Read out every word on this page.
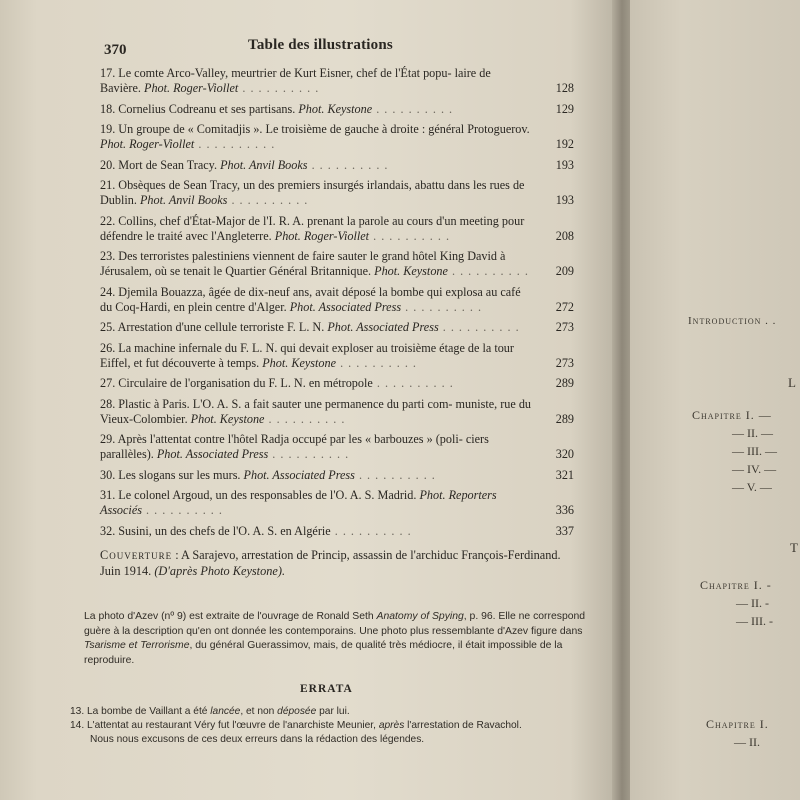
370	Table des illustrations
17. Le comte Arco-Valley, meurtrier de Kurt Eisner, chef de l'État popu- laire de Bavière. Phot. Roger-Viollet . . .	128
18. Cornelius Codreanu et ses partisans. Phot. Keystone . . .	129
19. Un groupe de « Comitadjis ». Le troisième de gauche à droite : général Protoguerov. Phot. Roger-Viollet . . .	192
20. Mort de Sean Tracy. Phot. Anvil Books . . .	193
21. Obsèques de Sean Tracy, un des premiers insurgés irlandais, abattu dans les rues de Dublin. Phot. Anvil Books . . .	193
22. Collins, chef d'État-Major de l'I. R. A. prenant la parole au cours d'un meeting pour défendre le traité avec l'Angleterre. Phot. Roger-Viollet . . .	208
23. Des terroristes palestiniens viennent de faire sauter le grand hôtel King David à Jérusalem, où se tenait le Quartier Général Britannique. Phot. Keystone . . .	209
24. Djemila Bouazza, âgée de dix-neuf ans, avait déposé la bombe qui explosa au café du Coq-Hardi, en plein centre d'Alger. Phot. Associated Press . . .	272
25. Arrestation d'une cellule terroriste F. L. N. Phot. Associated Press . . .	273
26. La machine infernale du F. L. N. qui devait exploser au troisième étage de la tour Eiffel, et fut découverte à temps. Phot. Keystone . . .	273
27. Circulaire de l'organisation du F. L. N. en métropole . . .	289
28. Plastic à Paris. L'O. A. S. a fait sauter une permanence du parti com- muniste, rue du Vieux-Colombier. Phot. Keystone . . .	289
29. Après l'attentat contre l'hôtel Radja occupé par les « barbouzes » (poli- ciers parallèles). Phot. Associated Press . . .	320
30. Les slogans sur les murs. Phot. Associated Press . . .	321
31. Le colonel Argoud, un des responsables de l'O. A. S. Madrid. Phot. Reporters Associés . . .	336
32. Susini, un des chefs de l'O. A. S. en Algérie . . .	337
Couverture : A Sarajevo, arrestation de Princip, assassin de l'archiduc François-Ferdinand. Juin 1914. (D'après Photo Keystone).
La photo d'Azev (nº 9) est extraite de l'ouvrage de Ronald Seth Anatomy of Spying, p. 96. Elle ne correspond guère à la description qu'en ont donnée les contemporains. Une photo plus ressemblante d'Azev figure dans Tsarisme et Terrorisme, du général Guerassimov, mais, de qualité très médiocre, il était impossible de la reproduire.
ERRATA
13. La bombe de Vaillant a été lancée, et non déposée par lui.
14. L'attentat au restaurant Véry fut l'œuvre de l'anarchiste Meunier, après l'arrestation de Ravachol.
Nous nous excusons de ces deux erreurs dans la rédaction des légendes.
Introduction . .
L
Chapitre I. —
— II. —
— III. —
— IV. —
— V. —
T
Chapitre I. -
— II. -
— III. -
Chapitre I.
— II.
